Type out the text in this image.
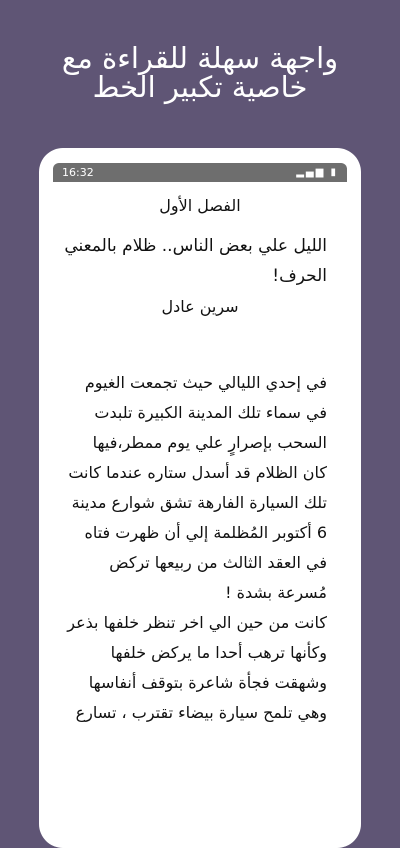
واجهة سهلة للقراءة مع
خاصية تكبير الخط
16:32	▂▄▆ ▮
الفصل الأول
الليل علي بعض الناس.. ظلام بالمعني
الحرف!
سرين عادل

في إحدي الليالي حيث تجمعت الغيوم

في سماء تلك المدينة الكبيرة تلبدت

السحب بإصرارٍ علي يوم ممطر،فيها

كان الظلام قد أسدل ستاره عندما كانت

تلك السيارة الفارهة تشق شوارع مدينة

6 أكتوبر المُظلمة إلي أن ظهرت فتاه

في العقد الثالث من ربيعها تركض

مُسرعة بشدة !

كانت من حين الي اخر تنظر خلفها بذعر

وكأنها ترهب أحدا ما يركض خلفها

وشهقت فجأة شاعرة بتوقف أنفاسها

وهي تلمح سيارة بيضاء تقترب ، تسارع
